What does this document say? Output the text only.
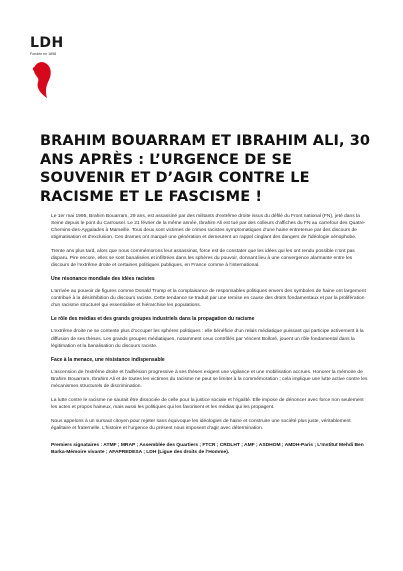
LDH
Fondée en 1898
BRAHIM BOUARRAM ET IBRAHIM ALI, 30 ANS APRÈS : L’URGENCE DE SE SOUVENIR ET D’AGIR CONTRE LE RACISME ET LE FASCISME !

Le 1er mai 1995, Brahim Bouarram, 29 ans, est assassiné par des militants d’extrême droite issus du défilé du Front national (FN), jeté dans la Seine depuis le pont du Carrousel. Le 21 février de la même année, Ibrahim Ali est tué par des colleurs d’affiches du FN au carrefour des Quatre-Chemins-des-Aygalades à Marseille. Tous deux sont victimes de crimes racistes symptomatiques d’une haine entretenue par des discours de stigmatisation et d’exclusion. Ces drames ont marqué une génération et demeurent un rappel cinglant des dangers de l’idéologie xénophobe.

Trente ans plus tard, alors que nous commémorons leur assassinat, force est de constater que les idées qui les ont rendu possible n’ont pas disparu. Pire encore, elles se sont banalisées et infiltrées dans les sphères du pouvoir, donnant lieu à une convergence alarmante entre les discours de l’extrême droite et certaines politiques publiques, en France comme à l’international.

Une résonance mondiale des idées racistes

L’arrivée au pouvoir de figures comme Donald Trump et la complaisance de responsables politiques envers des symboles de haine ont largement contribué à la désinhibition du discours raciste. Cette tendance se traduit par une remise en cause des droits fondamentaux et par la prolifération d’un racisme structurel qui essentialise et hiérarchise les populations.

Le rôle des médias et des grands groupes industriels dans la propagation du racisme

L’extrême droite ne se contente plus d’occuper les sphères politiques : elle bénéficie d’un relais médiatique puissant qui participe activement à la diffusion de ses thèses. Les grands groupes médiatiques, notamment ceux contrôlés par Vincent Bolloré, jouent un rôle fondamental dans la légitimation et la banalisation du discours raciste.

Face à la menace, une résistance indispensable

L’ascension de l’extrême droite et l’adhésion progressive à ses thèses exigent une vigilance et une mobilisation accrues. Honorer la mémoire de Brahim Bouarram, Ibrahim Ali et de toutes les victimes du racisme ne peut se limiter à la commémoration ; cela implique une lutte active contre les mécanismes structurels de discrimination.

La lutte contre le racisme ne saurait être dissociée de celle pour la justice sociale et l’égalité. Elle impose de dénoncer avec force non seulement les actes et propos haineux, mais aussi les politiques qui les favorisent et les médias qui les propagent.

Nous appelons à un sursaut citoyen pour rejeter sans équivoque les idéologies de haine et construire une société plus juste, véritablement égalitaire et fraternelle. L’histoire et l’urgence du présent nous imposent d’agir avec détermination.

Premiers signataires : ATMF ; MRAP ; Assemblée des Quartiers ; FTCR ; CRDLHT ; AMF ; ASDHOM ; AMDH-Paris ; L’Institut Mehdi Ben Barka-Mémoire vivante ; AFAPREDESA ; LDH (Ligue des droits de l’Homme).
